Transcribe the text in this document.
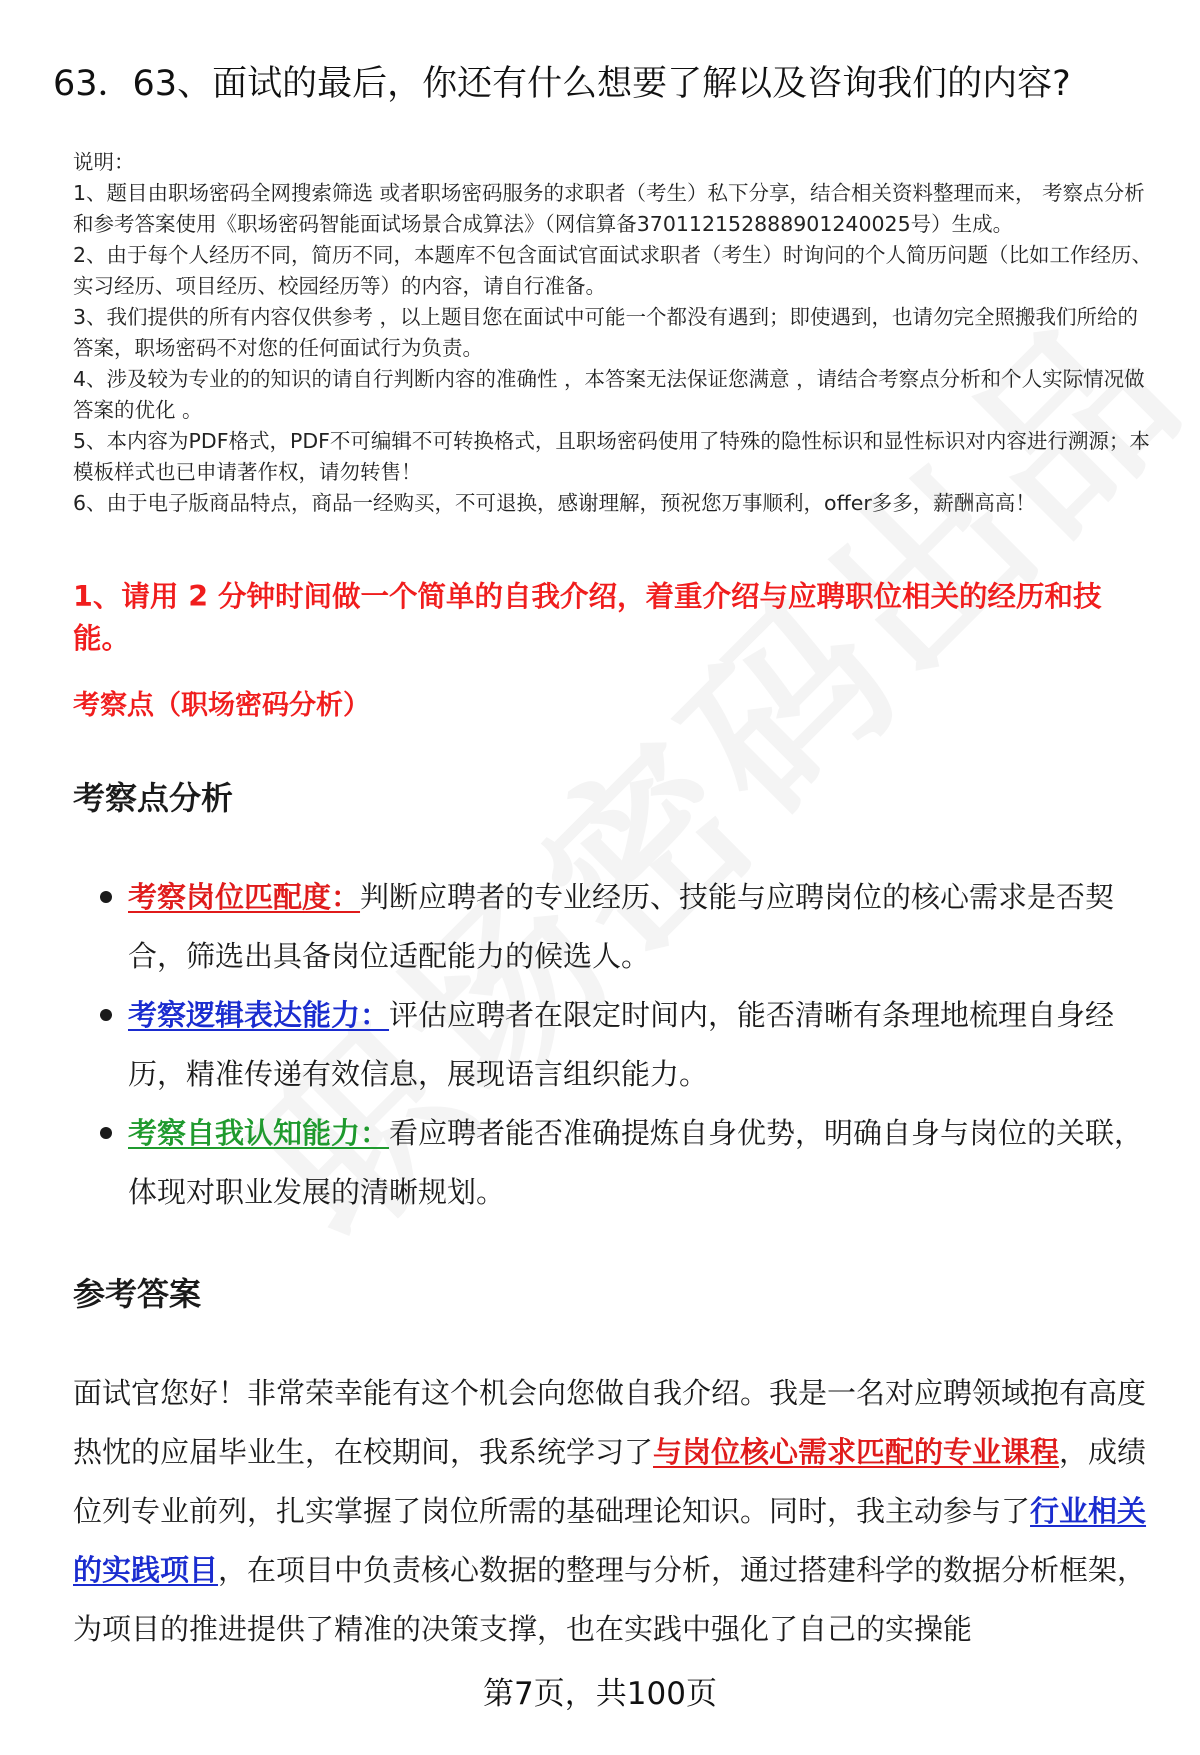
63．63、面试的最后，你还有什么想要了解以及咨询我们的内容?

说明：

1、题目由职场密码全网搜索筛选 或者职场密码服务的求职者（考生）私下分享，结合相关资料整理而来， 考察点分析和参考答案使用《职场密码智能面试场景合成算法》（网信算备370112152888901240025号）生成。

2、由于每个人经历不同，简历不同，本题库不包含面试官面试求职者（考生）时询问的个人简历问题（比如工作经历、实习经历、项目经历、校园经历等）的内容，请自行准备。

3、我们提供的所有内容仅供参考 ，以上题目您在面试中可能一个都没有遇到；即使遇到，也请勿完全照搬我们所给的答案，职场密码不对您的任何面试行为负责。

4、涉及较为专业的的知识的请自行判断内容的准确性 ，本答案无法保证您满意 ，请结合考察点分析和个人实际情况做答案的优化 。

5、本内容为PDF格式，PDF不可编辑不可转换格式，且职场密码使用了特殊的隐性标识和显性标识对内容进行溯源；本模板样式也已申请著作权，请勿转售！

6、由于电子版商品特点，商品一经购买，不可退换，感谢理解，预祝您万事顺利，offer多多，薪酬高高！

1、请用 2 分钟时间做一个简单的自我介绍，着重介绍与应聘职位相关的经历和技能。
考察点（职场密码分析）
考察点分析
考察岗位匹配度：判断应聘者的专业经历、技能与应聘岗位的核心需求是否契合，筛选出具备岗位适配能力的候选人。
考察逻辑表达能力：评估应聘者在限定时间内，能否清晰有条理地梳理自身经历，精准传递有效信息，展现语言组织能力。
考察自我认知能力：看应聘者能否准确提炼自身优势，明确自身与岗位的关联，体现对职业发展的清晰规划。
参考答案

面试官您好！非常荣幸能有这个机会向您做自我介绍。我是一名对应聘领域抱有高度热忱的应届毕业生，在校期间，我系统学习了与岗位核心需求匹配的专业课程，成绩位列专业前列，扎实掌握了岗位所需的基础理论知识。同时，我主动参与了行业相关的实践项目，在项目中负责核心数据的整理与分析，通过搭建科学的数据分析框架，为项目的推进提供了精准的决策支撑，也在实践中强化了自己的实操能

第7页，共100页
